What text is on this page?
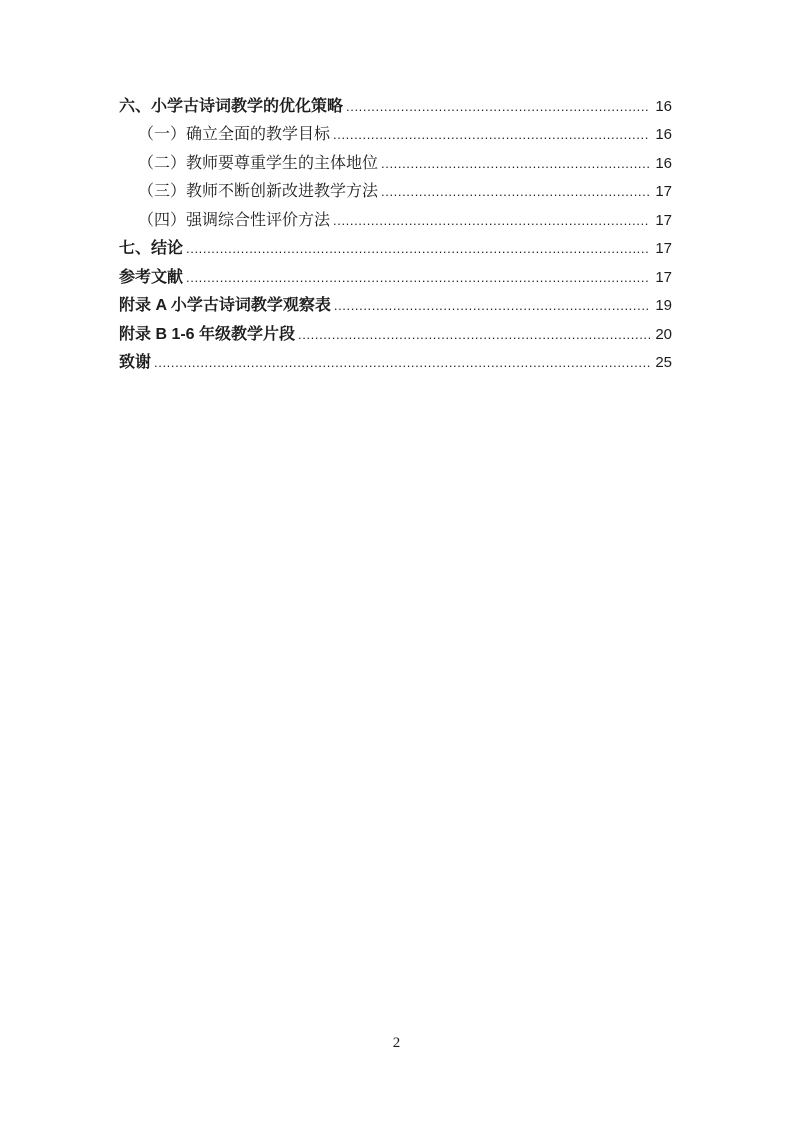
六、小学古诗词教学的优化策略 .....	16
（一）确立全面的教学目标 .....	16
（二）教师要尊重学生的主体地位 .....	16
（三）教师不断创新改进教学方法 .....	17
（四）强调综合性评价方法 .....	17
七、结论 .....	17
参考文献 .....	17
附录 A 小学古诗词教学观察表 .....	19
附录 B 1-6 年级教学片段 .....	20
致谢 .....	25
2
